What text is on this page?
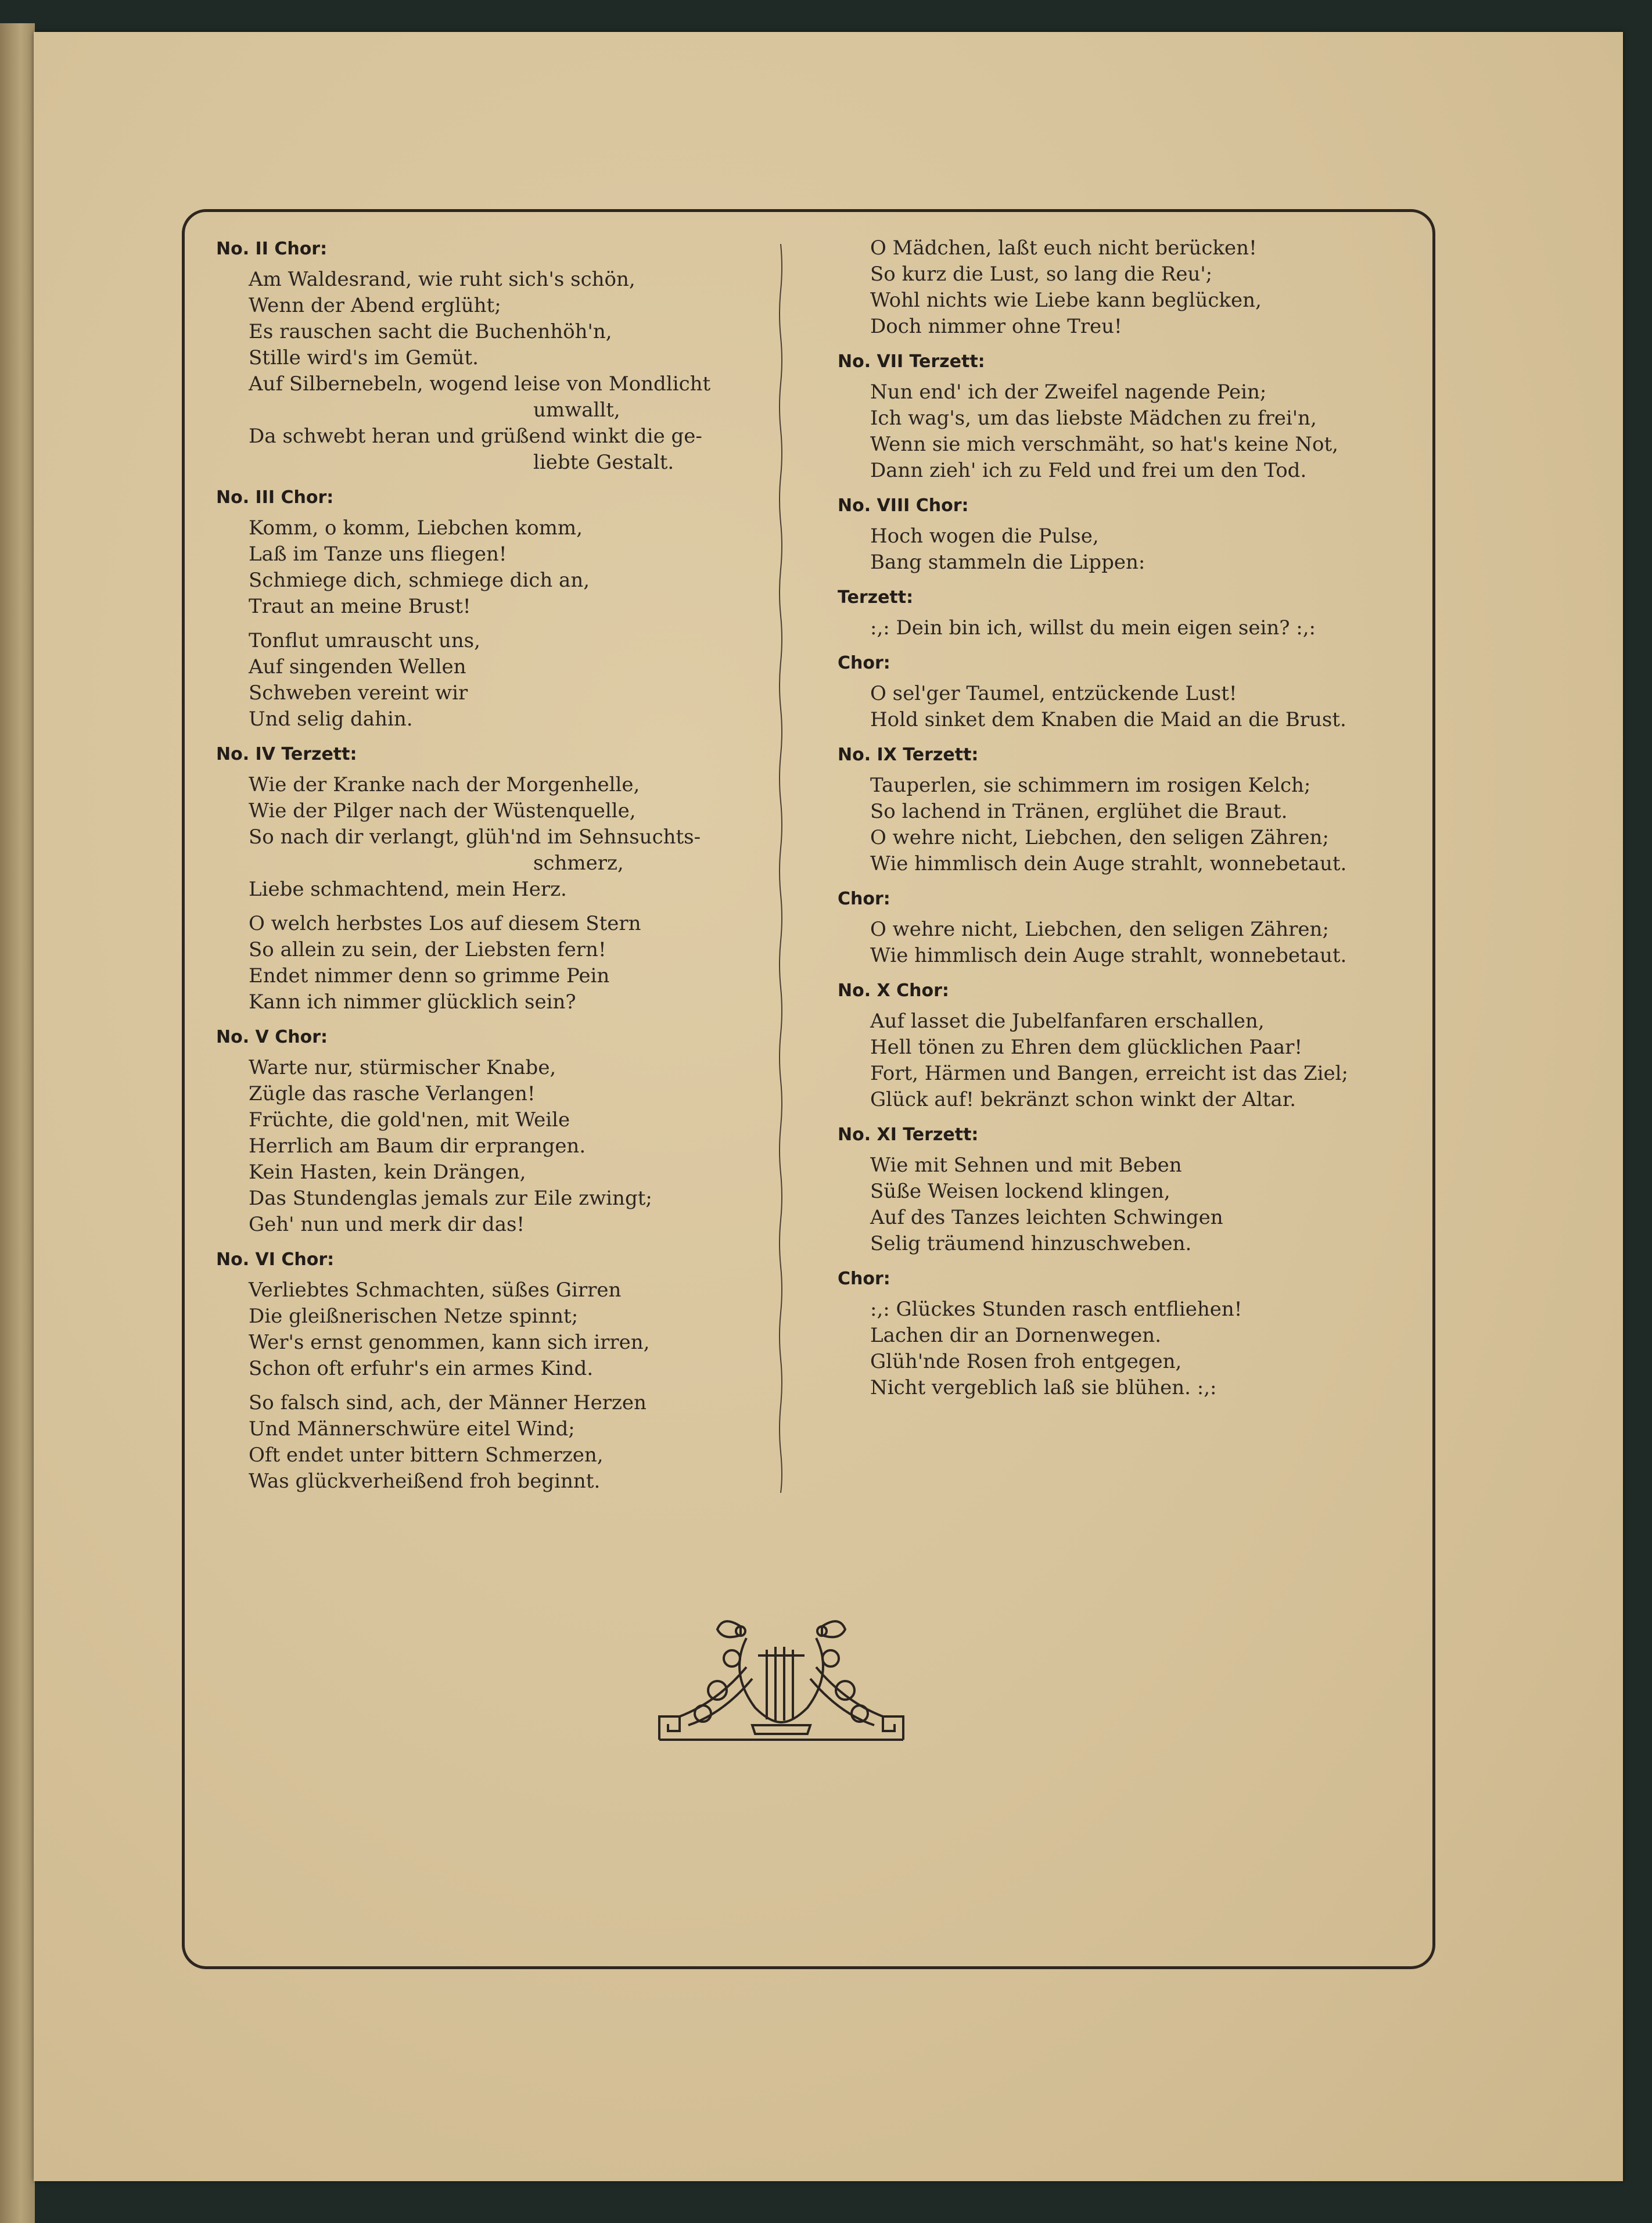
No. II Chor:
Am Waldesrand, wie ruht sich's schön,
Wenn der Abend erglüht;
Es rauschen sacht die Buchenhöh'n,
Stille wird's im Gemüt.
Auf Silbernebeln, wogend leise von Mondlicht
umwallt,
Da schwebt heran und grüßend winkt die ge-
liebte Gestalt.
No. III Chor:
Komm, o komm, Liebchen komm,
Laß im Tanze uns fliegen!
Schmiege dich, schmiege dich an,
Traut an meine Brust!
Tonflut umrauscht uns,
Auf singenden Wellen
Schweben vereint wir
Und selig dahin.
No. IV Terzett:
Wie der Kranke nach der Morgenhelle,
Wie der Pilger nach der Wüstenquelle,
So nach dir verlangt, glüh'nd im Sehnsuchts-
schmerz,
Liebe schmachtend, mein Herz.
O welch herbstes Los auf diesem Stern
So allein zu sein, der Liebsten fern!
Endet nimmer denn so grimme Pein
Kann ich nimmer glücklich sein?
No. V Chor:
Warte nur, stürmischer Knabe,
Zügle das rasche Verlangen!
Früchte, die gold'nen, mit Weile
Herrlich am Baum dir erprangen.
Kein Hasten, kein Drängen,
Das Stundenglas jemals zur Eile zwingt;
Geh' nun und merk dir das!
No. VI Chor:
Verliebtes Schmachten, süßes Girren
Die gleißnerischen Netze spinnt;
Wer's ernst genommen, kann sich irren,
Schon oft erfuhr's ein armes Kind.
So falsch sind, ach, der Männer Herzen
Und Männerschwüre eitel Wind;
Oft endet unter bittern Schmerzen,
Was glückverheißend froh beginnt.
O Mädchen, laßt euch nicht berücken!
So kurz die Lust, so lang die Reu';
Wohl nichts wie Liebe kann beglücken,
Doch nimmer ohne Treu!
No. VII Terzett:
Nun end' ich der Zweifel nagende Pein;
Ich wag's, um das liebste Mädchen zu frei'n,
Wenn sie mich verschmäht, so hat's keine Not,
Dann zieh' ich zu Feld und frei um den Tod.
No. VIII Chor:
Hoch wogen die Pulse,
Bang stammeln die Lippen:
Terzett:
:,: Dein bin ich, willst du mein eigen sein? :,:
Chor:
O sel'ger Taumel, entzückende Lust!
Hold sinket dem Knaben die Maid an die Brust.
No. IX Terzett:
Tauperlen, sie schimmern im rosigen Kelch;
So lachend in Tränen, erglühet die Braut.
O wehre nicht, Liebchen, den seligen Zähren;
Wie himmlisch dein Auge strahlt, wonnebetaut.
Chor:
O wehre nicht, Liebchen, den seligen Zähren;
Wie himmlisch dein Auge strahlt, wonnebetaut.
No. X Chor:
Auf lasset die Jubelfanfaren erschallen,
Hell tönen zu Ehren dem glücklichen Paar!
Fort, Härmen und Bangen, erreicht ist das Ziel;
Glück auf! bekränzt schon winkt der Altar.
No. XI Terzett:
Wie mit Sehnen und mit Beben
Süße Weisen lockend klingen,
Auf des Tanzes leichten Schwingen
Selig träumend hinzuschweben.
Chor:
:,: Glückes Stunden rasch entfliehen!
Lachen dir an Dornenwegen.
Glüh'nde Rosen froh entgegen,
Nicht vergeblich laß sie blühen. :,:
